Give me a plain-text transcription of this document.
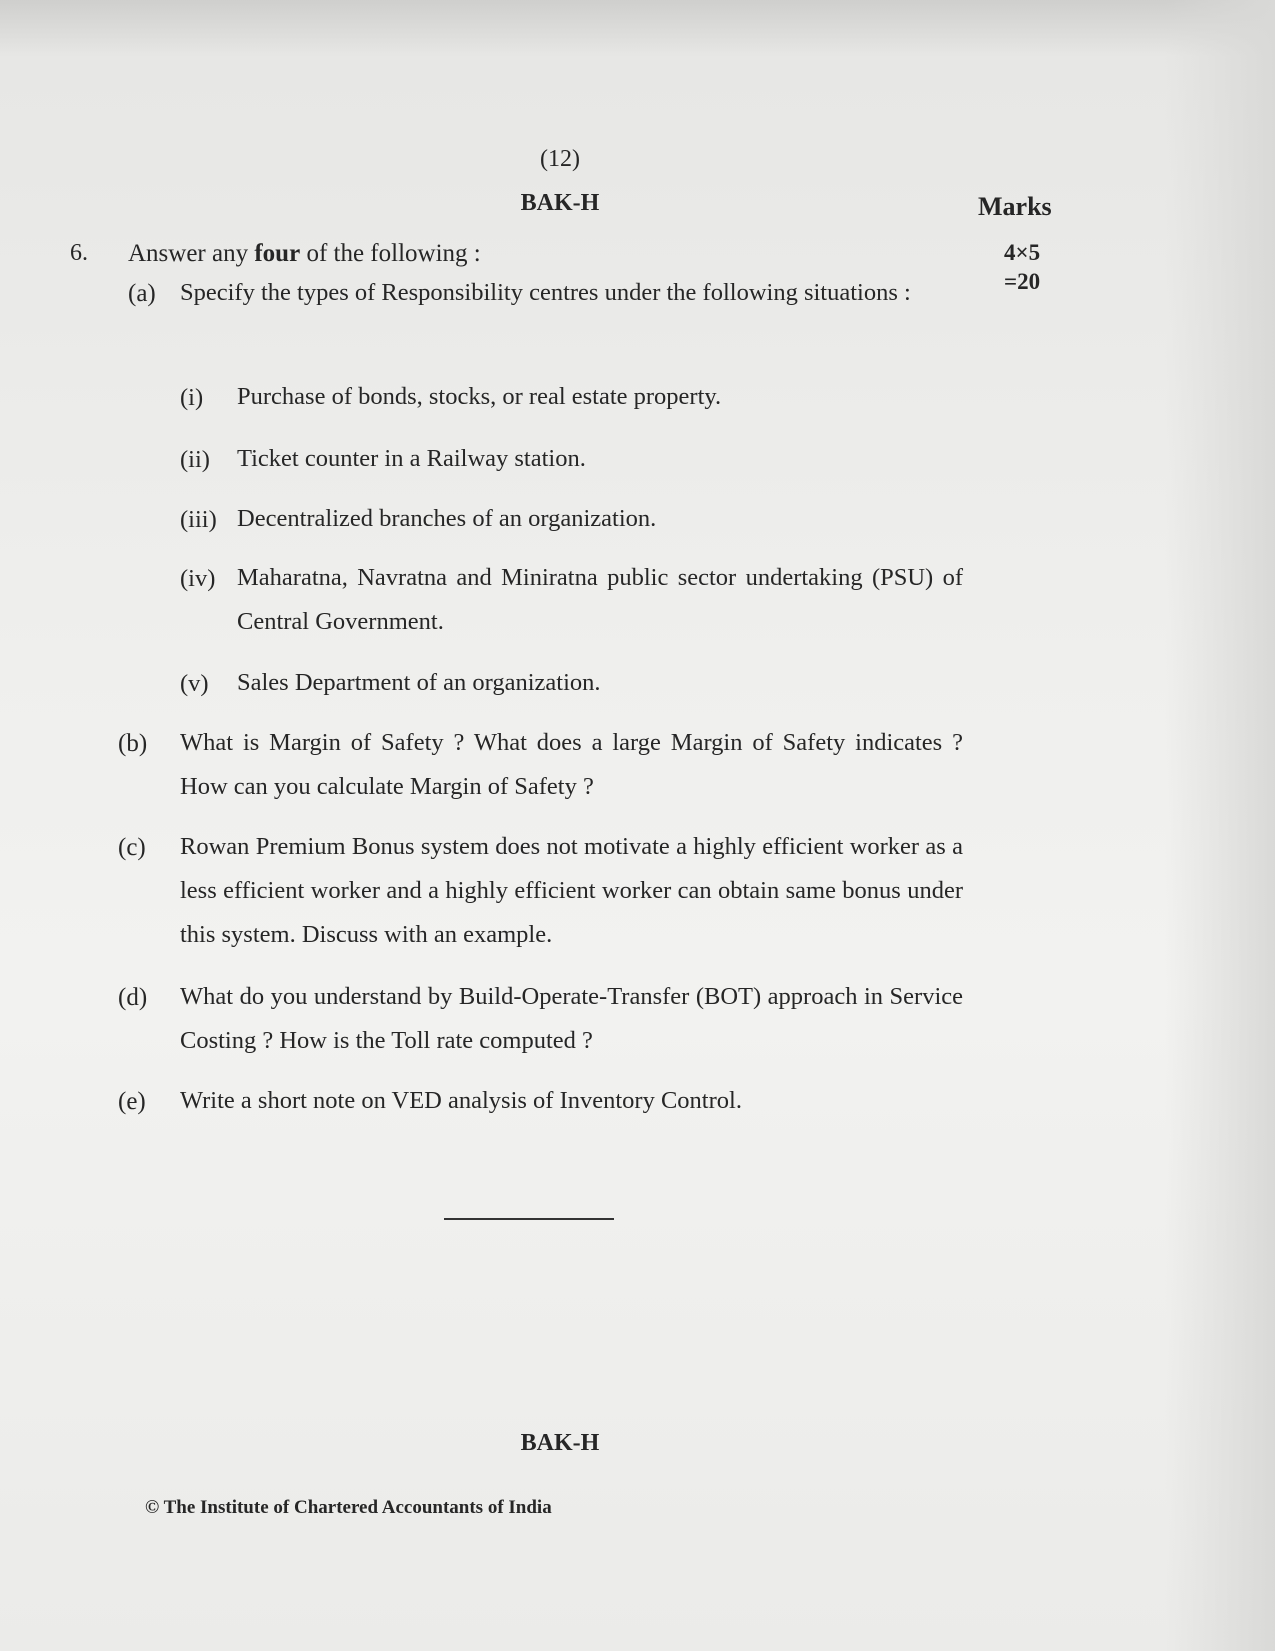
(12)
BAK-H	Marks
4×5
=20
6. Answer any four of the following :
(a) Specify the types of Responsibility centres under the following situations :
(i) Purchase of bonds, stocks, or real estate property.
(ii) Ticket counter in a Railway station.
(iii) Decentralized branches of an organization.
(iv) Maharatna, Navratna and Miniratna public sector undertaking (PSU) of Central Government.
(v) Sales Department of an organization.
(b) What is Margin of Safety ? What does a large Margin of Safety indicates ? How can you calculate Margin of Safety ?
(c) Rowan Premium Bonus system does not motivate a highly efficient worker as a less efficient worker and a highly efficient worker can obtain same bonus under this system. Discuss with an example.
(d) What do you understand by Build-Operate-Transfer (BOT) approach in Service Costing ? How is the Toll rate computed ?
(e) Write a short note on VED analysis of Inventory Control.
BAK-H
© The Institute of Chartered Accountants of India
